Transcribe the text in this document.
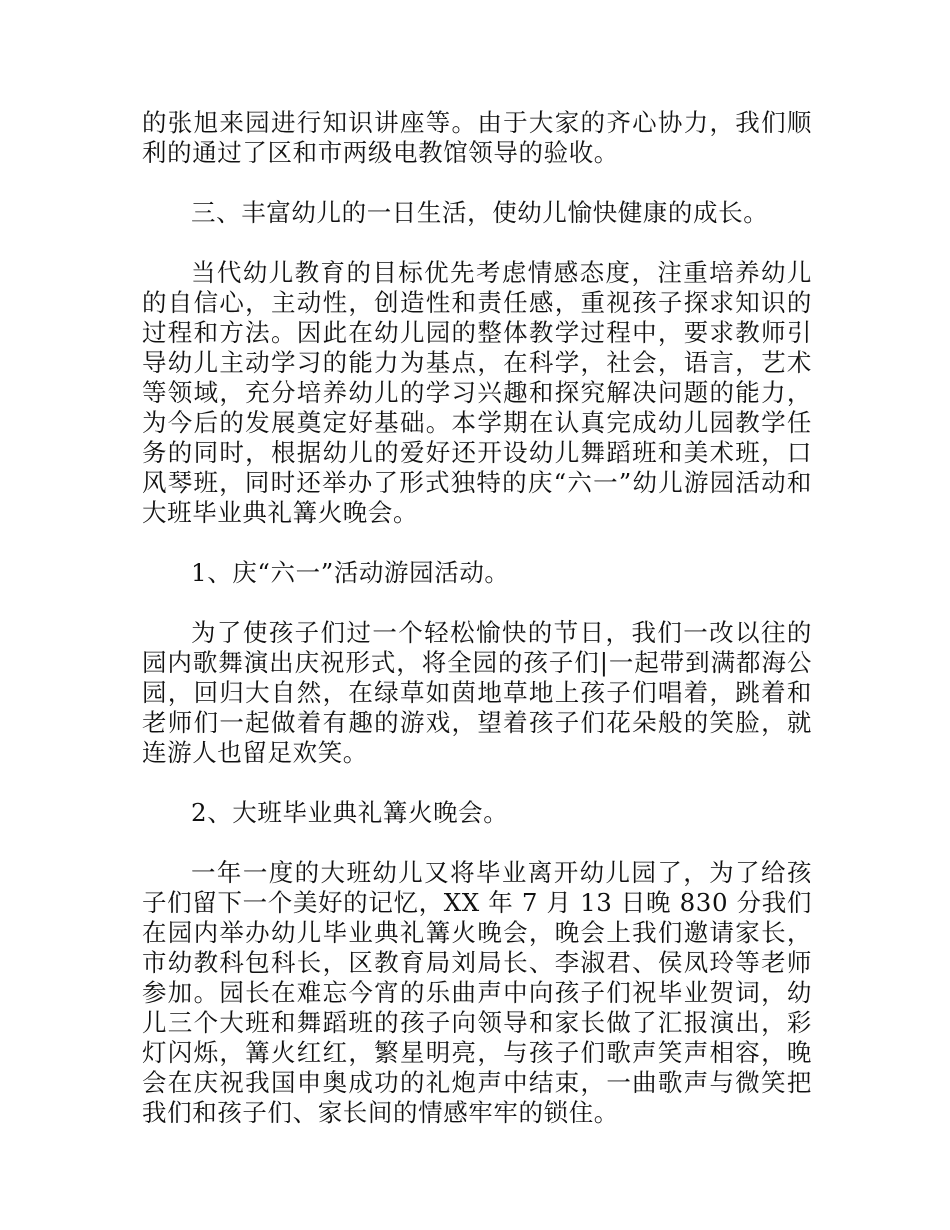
的张旭来园进行知识讲座等。由于大家的齐心协力，我们顺利的通过了区和市两级电教馆领导的验收。

三、丰富幼儿的一日生活，使幼儿愉快健康的成长。

当代幼儿教育的目标优先考虑情感态度，注重培养幼儿的自信心，主动性，创造性和责任感，重视孩子探求知识的过程和方法。因此在幼儿园的整体教学过程中，要求教师引导幼儿主动学习的能力为基点，在科学，社会，语言，艺术等领域，充分培养幼儿的学习兴趣和探究解决问题的能力，为今后的发展奠定好基础。本学期在认真完成幼儿园教学任务的同时，根据幼儿的爱好还开设幼儿舞蹈班和美术班，口风琴班，同时还举办了形式独特的庆“六一”幼儿游园活动和大班毕业典礼篝火晚会。

1、庆“六一”活动游园活动。

为了使孩子们过一个轻松愉快的节日，我们一改以往的园内歌舞演出庆祝形式，将全园的孩子们|一起带到满都海公园，回归大自然，在绿草如茵地草地上孩子们唱着，跳着和老师们一起做着有趣的游戏，望着孩子们花朵般的笑脸，就连游人也留足欢笑。

2、大班毕业典礼篝火晚会。

一年一度的大班幼儿又将毕业离开幼儿园了，为了给孩子们留下一个美好的记忆，XX 年 7 月 13 日晚 830 分我们在园内举办幼儿毕业典礼篝火晚会，晚会上我们邀请家长，市幼教科包科长，区教育局刘局长、李淑君、侯凤玲等老师参加。园长在难忘今宵的乐曲声中向孩子们祝毕业贺词，幼儿三个大班和舞蹈班的孩子向领导和家长做了汇报演出，彩灯闪烁，篝火红红，繁星明亮，与孩子们歌声笑声相容，晚会在庆祝我国申奥成功的礼炮声中结束，一曲歌声与微笑把我们和孩子们、家长间的情感牢牢的锁住。
